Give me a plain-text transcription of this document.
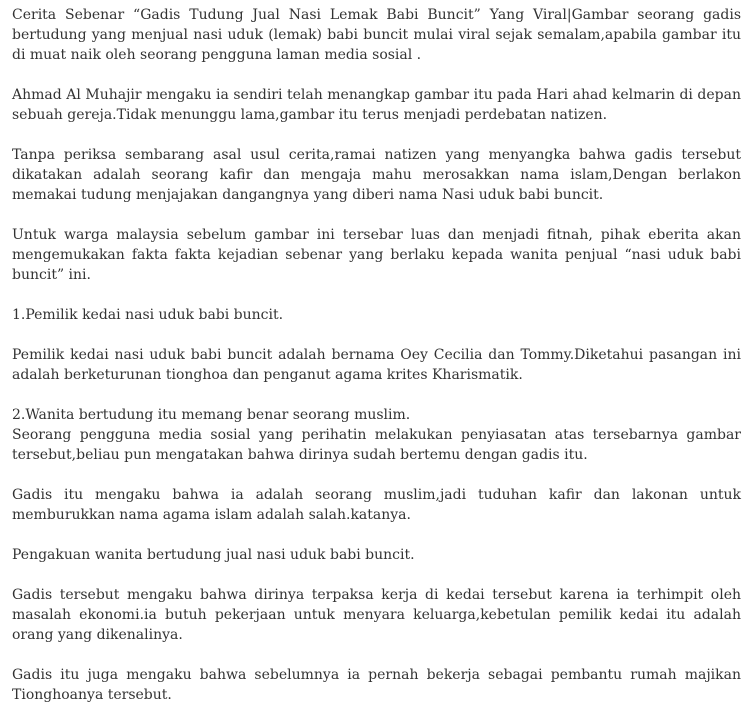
Cerita Sebenar “Gadis Tudung Jual Nasi Lemak Babi Buncit” Yang Viral|Gambar seorang gadis bertudung yang menjual nasi uduk (lemak) babi buncit mulai viral sejak semalam,apabila gambar itu di muat naik oleh seorang pengguna laman media sosial .

Ahmad Al Muhajir mengaku ia sendiri telah menangkap gambar itu pada Hari ahad kelmarin di depan sebuah gereja.Tidak menunggu lama,gambar itu terus menjadi perdebatan natizen.

Tanpa periksa sembarang asal usul cerita,ramai natizen yang menyangka bahwa gadis tersebut dikatakan adalah seorang kafir dan mengaja mahu merosakkan nama islam,Dengan berlakon memakai tudung menjajakan dangangnya yang diberi nama Nasi uduk babi buncit.

Untuk warga malaysia sebelum gambar ini tersebar luas dan menjadi fitnah, pihak eberita akan mengemukakan fakta fakta kejadian sebenar yang berlaku kepada wanita penjual “nasi uduk babi buncit” ini.

1.Pemilik kedai nasi uduk babi buncit.

Pemilik kedai nasi uduk babi buncit adalah bernama Oey Cecilia dan Tommy.Diketahui pasangan ini adalah berketurunan tionghoa dan penganut agama krites Kharismatik.

2.Wanita bertudung itu memang benar seorang muslim.

Seorang pengguna media sosial yang perihatin melakukan penyiasatan atas tersebarnya gambar tersebut,beliau pun mengatakan bahwa dirinya sudah bertemu dengan gadis itu.

Gadis itu mengaku bahwa ia adalah seorang muslim,jadi tuduhan kafir dan lakonan untuk memburukkan nama agama islam adalah salah.katanya.

Pengakuan wanita bertudung jual nasi uduk babi buncit.

Gadis tersebut mengaku bahwa dirinya terpaksa kerja di kedai tersebut karena ia terhimpit oleh masalah ekonomi.ia butuh pekerjaan untuk menyara keluarga,kebetulan pemilik kedai itu adalah orang yang dikenalinya.

Gadis itu juga mengaku bahwa sebelumnya ia pernah bekerja sebagai pembantu rumah majikan Tionghoanya tersebut.
